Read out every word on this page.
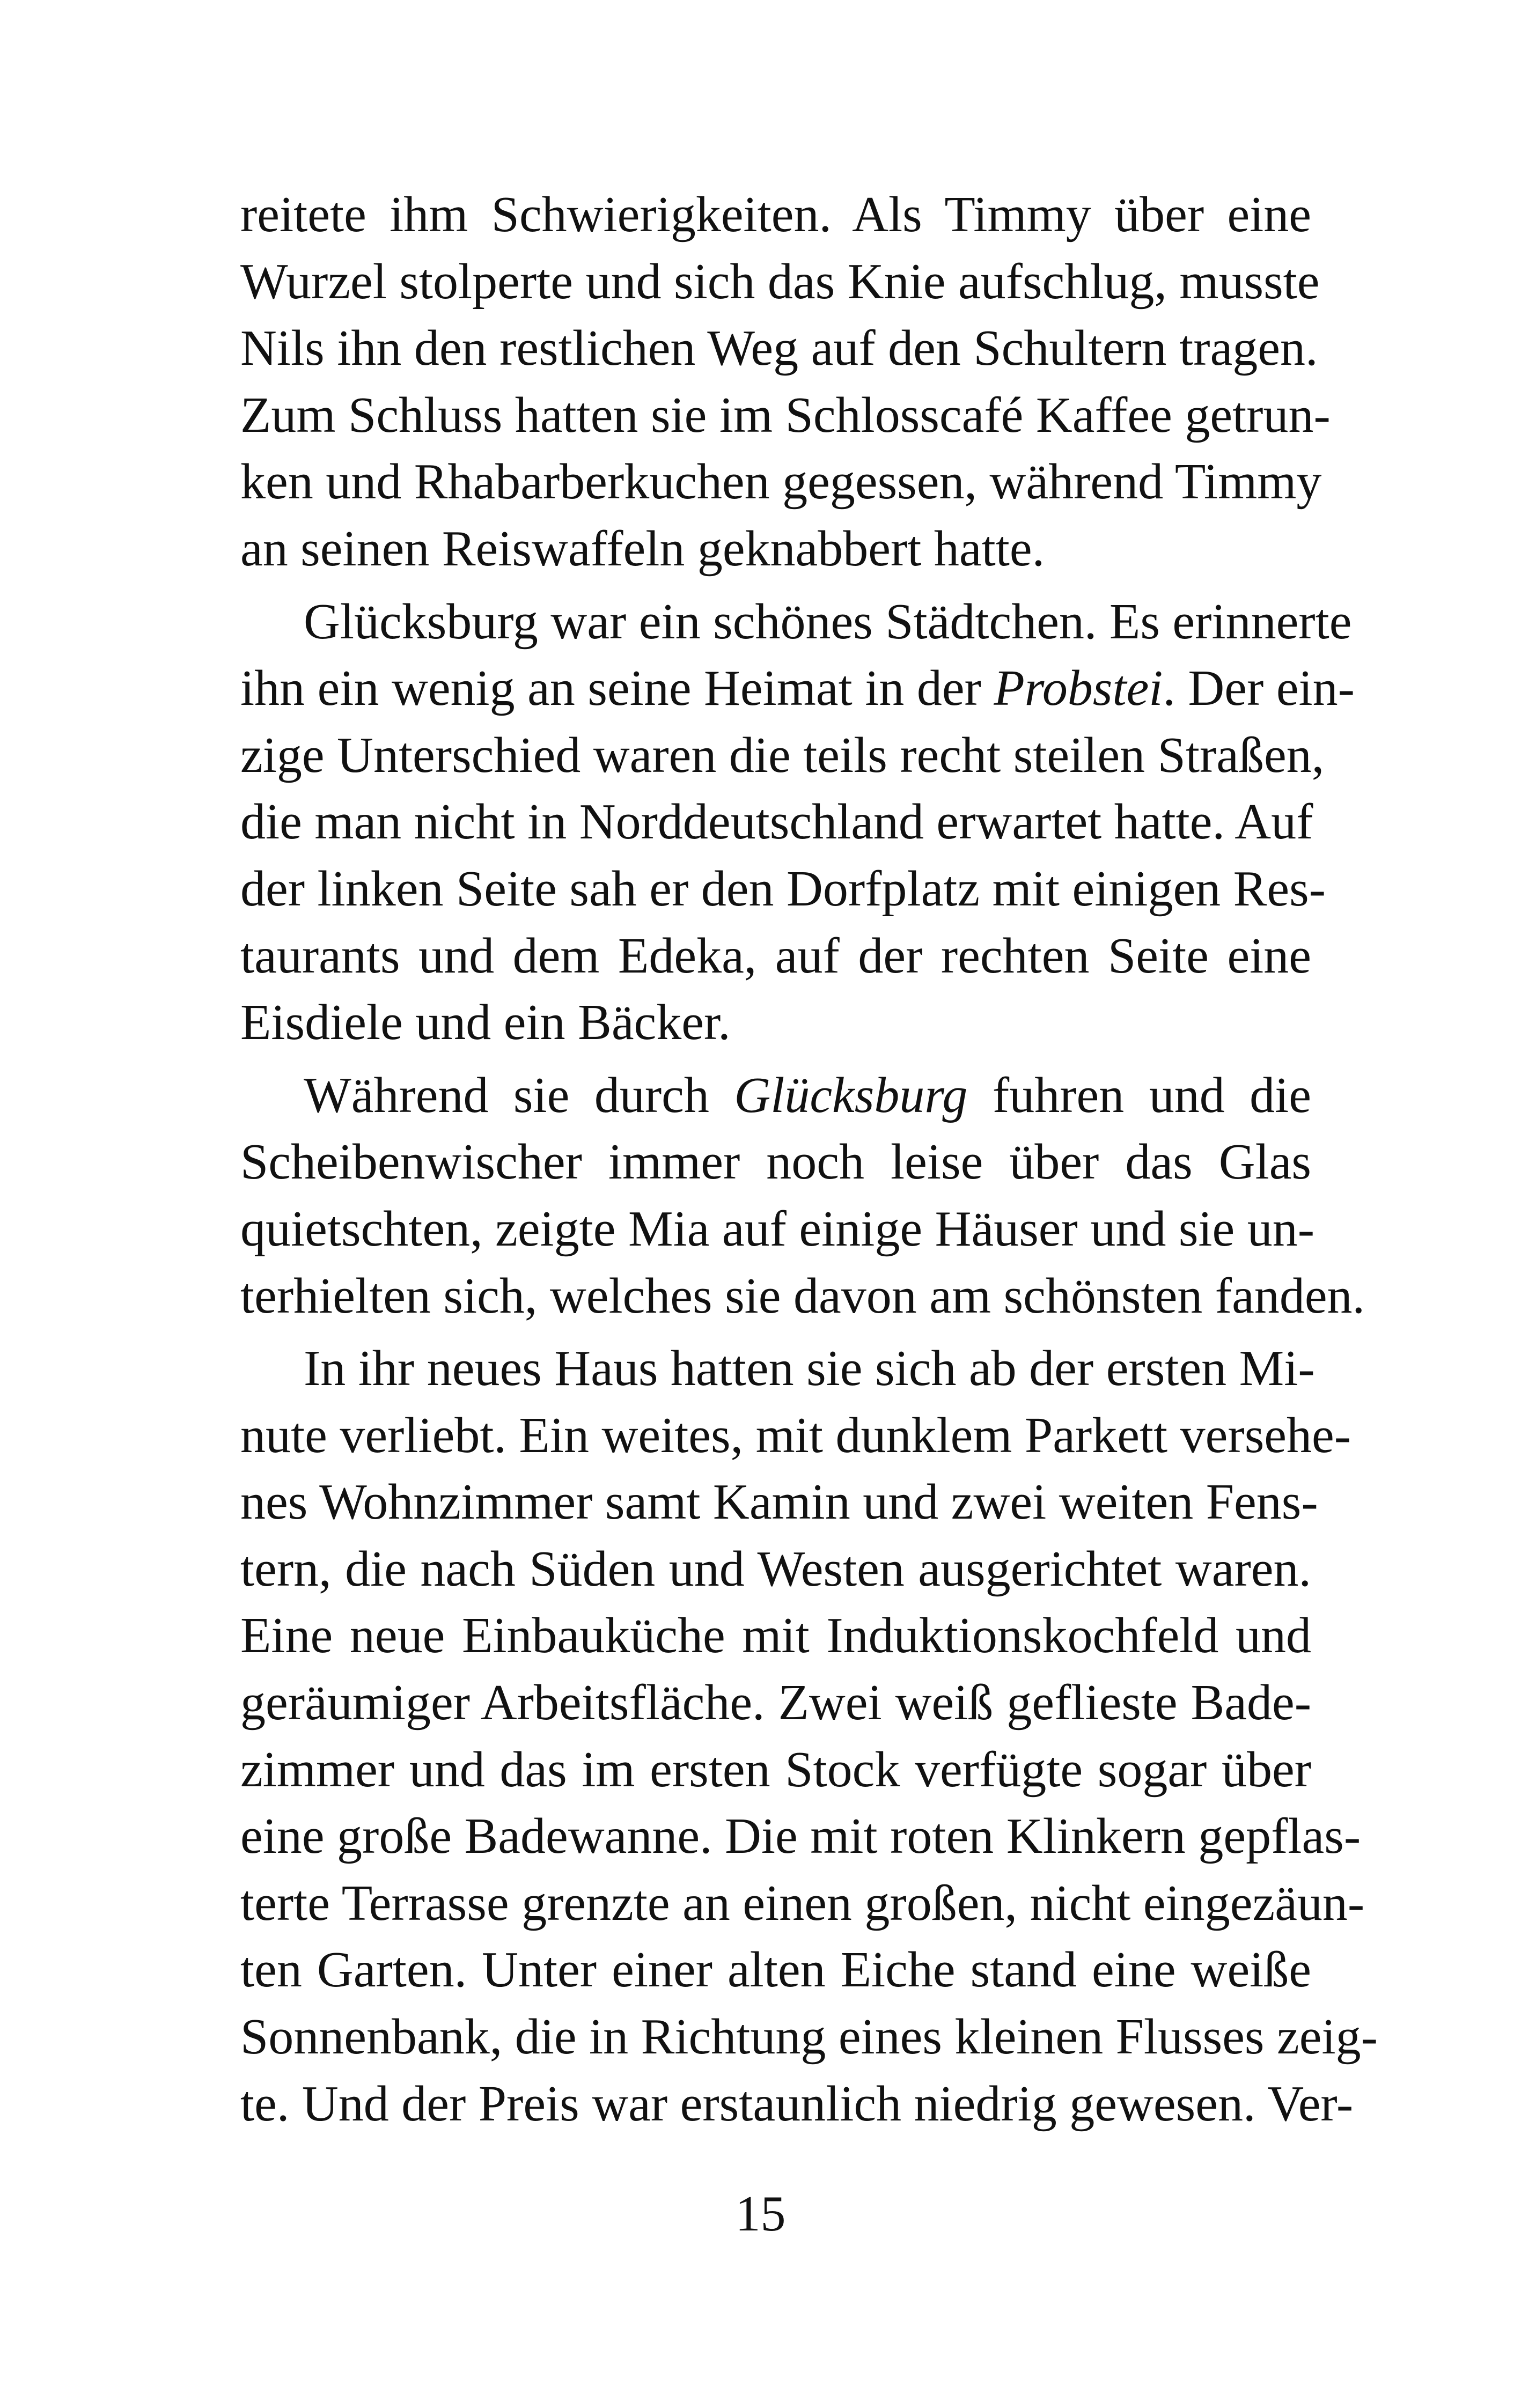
reitete ihm Schwierigkeiten. Als Timmy über eine
Wurzel stolperte und sich das Knie aufschlug, musste
Nils ihn den restlichen Weg auf den Schultern tragen.
Zum Schluss hatten sie im Schlosscafé Kaffee getrun-
ken und Rhabarberkuchen gegessen, während Timmy
an seinen Reiswaffeln geknabbert hatte.
Glücksburg war ein schönes Städtchen. Es erinnerte
ihn ein wenig an seine Heimat in der Probstei. Der ein-
zige Unterschied waren die teils recht steilen Straßen,
die man nicht in Norddeutschland erwartet hatte. Auf
der linken Seite sah er den Dorfplatz mit einigen Res-
taurants und dem Edeka, auf der rechten Seite eine
Eisdiele und ein Bäcker.
Während sie durch Glücksburg fuhren und die
Scheibenwischer immer noch leise über das Glas
quietschten, zeigte Mia auf einige Häuser und sie un-
terhielten sich, welches sie davon am schönsten fanden.
In ihr neues Haus hatten sie sich ab der ersten Mi-
nute verliebt. Ein weites, mit dunklem Parkett versehe-
nes Wohnzimmer samt Kamin und zwei weiten Fens-
tern, die nach Süden und Westen ausgerichtet waren.
Eine neue Einbauküche mit Induktionskochfeld und
geräumiger Arbeitsfläche. Zwei weiß geflieste Bade-
zimmer und das im ersten Stock verfügte sogar über
eine große Badewanne. Die mit roten Klinkern gepflas-
terte Terrasse grenzte an einen großen, nicht eingezäun-
ten Garten. Unter einer alten Eiche stand eine weiße
Sonnenbank, die in Richtung eines kleinen Flusses zeig-
te. Und der Preis war erstaunlich niedrig gewesen. Ver-
15
